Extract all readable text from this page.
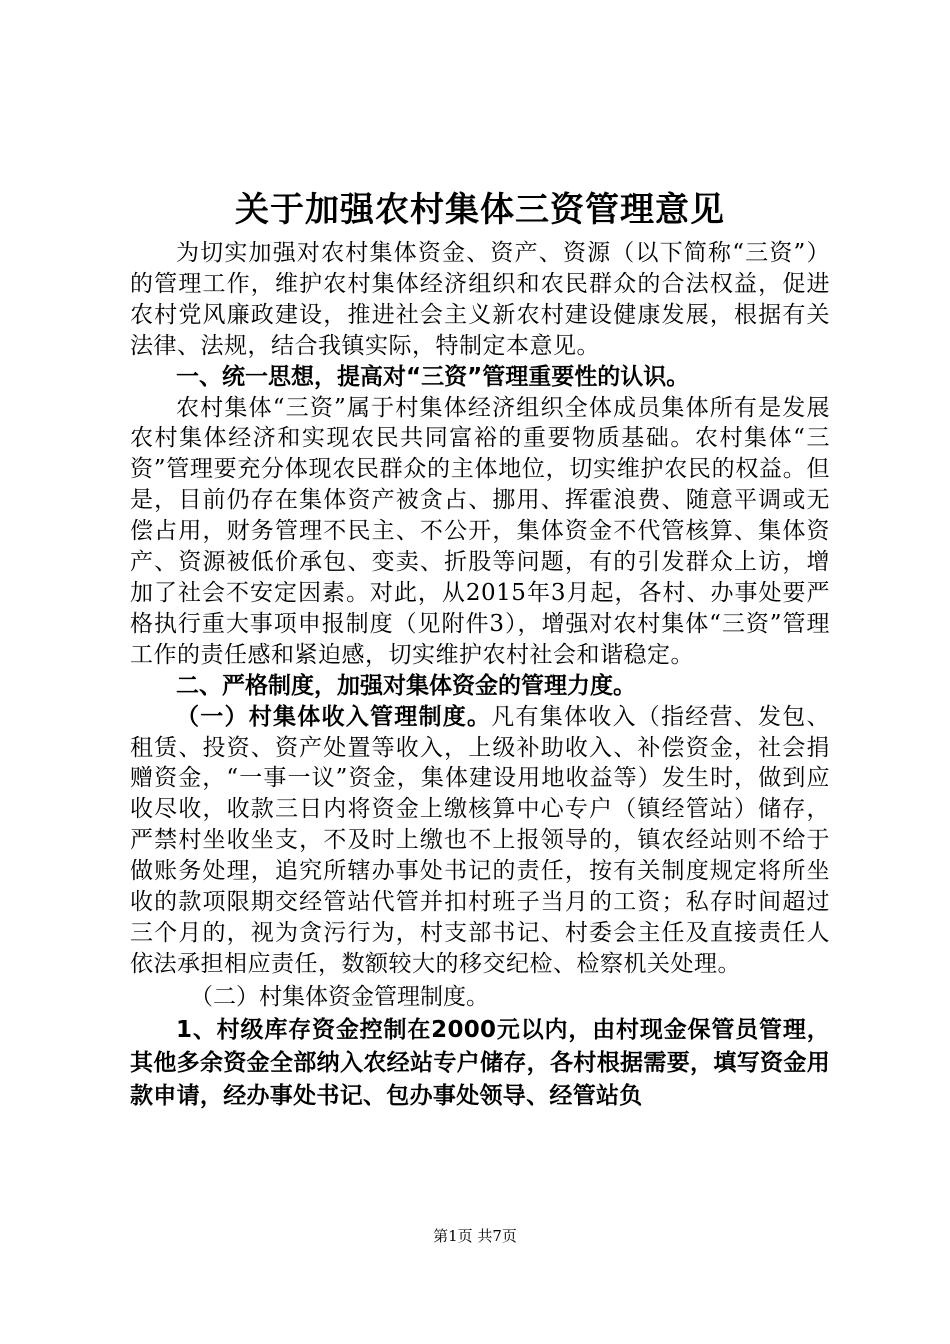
关于加强农村集体三资管理意见

为切实加强对农村集体资金、资产、资源（以下简称“三资”）的管理工作，维护农村集体经济组织和农民群众的合法权益，促进农村党风廉政建设，推进社会主义新农村建设健康发展，根据有关法律、法规，结合我镇实际，特制定本意见。

一、统一思想，提高对“三资”管理重要性的认识。

农村集体“三资”属于村集体经济组织全体成员集体所有是发展农村集体经济和实现农民共同富裕的重要物质基础。农村集体“三资”管理要充分体现农民群众的主体地位，切实维护农民的权益。但是，目前仍存在集体资产被贪占、挪用、挥霍浪费、随意平调或无偿占用，财务管理不民主、不公开，集体资金不代管核算、集体资产、资源被低价承包、变卖、折股等问题，有的引发群众上访，增加了社会不安定因素。对此，从2015年3月起，各村、办事处要严格执行重大事项申报制度（见附件3），增强对农村集体“三资”管理工作的责任感和紧迫感，切实维护农村社会和谐稳定。

二、严格制度，加强对集体资金的管理力度。

（一）村集体收入管理制度。凡有集体收入（指经营、发包、租赁、投资、资产处置等收入，上级补助收入、补偿资金，社会捐赠资金，“一事一议”资金，集体建设用地收益等）发生时，做到应收尽收，收款三日内将资金上缴核算中心专户（镇经管站）储存，严禁村坐收坐支，不及时上缴也不上报领导的，镇农经站则不给于做账务处理，追究所辖办事处书记的责任，按有关制度规定将所坐收的款项限期交经管站代管并扣村班子当月的工资；私存时间超过三个月的，视为贪污行为，村支部书记、村委会主任及直接责任人依法承担相应责任，数额较大的移交纪检、检察机关处理。

（二）村集体资金管理制度。

1、村级库存资金控制在2000元以内，由村现金保管员管理，其他多余资金全部纳入农经站专户储存，各村根据需要，填写资金用款申请，经办事处书记、包办事处领导、经管站负

第1页 共7页
